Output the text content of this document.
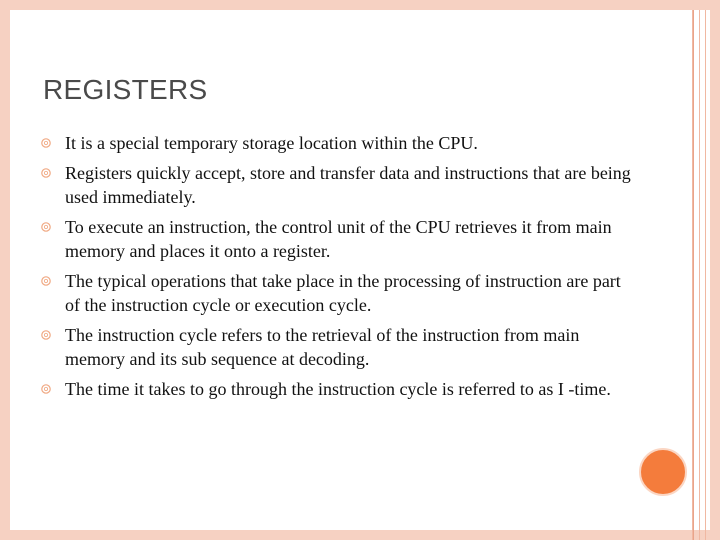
REGISTERS
It is a special temporary storage location within the CPU.
Registers quickly accept, store and transfer data and instructions that are being used immediately.
To execute an instruction, the control unit of the CPU retrieves it from main memory and places it onto a register.
The typical operations that take place in the processing of instruction are part of the instruction cycle or execution cycle.
The instruction cycle refers to the retrieval of the instruction from main memory and its sub sequence at decoding.
The time it takes to go through the instruction cycle is referred to as I -time.
